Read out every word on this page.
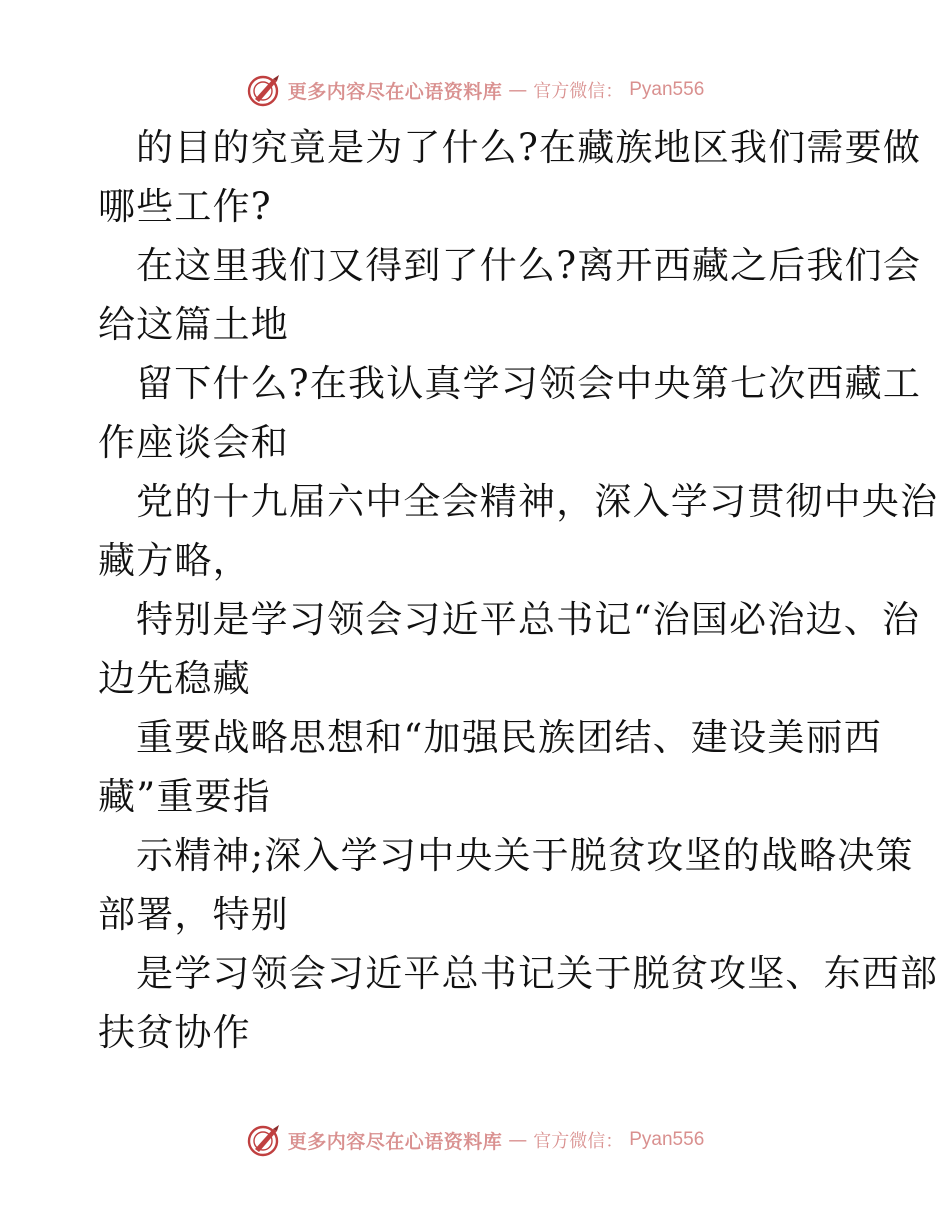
更多内容尽在心语资料库 — 官方微信： Pyan556
的目的究竟是为了什么?在藏族地区我们需要做
哪些工作?
在这里我们又得到了什么?离开西藏之后我们会
给这篇土地
留下什么?在我认真学习领会中央第七次西藏工
作座谈会和
党的十九届六中全会精神，深入学习贯彻中央治
藏方略，
特别是学习领会习近平总书记“治国必治边、治
边先稳藏
重要战略思想和“加强民族团结、建设美丽西
藏”重要指
示精神;深入学习中央关于脱贫攻坚的战略决策
部署，特别
是学习领会习近平总书记关于脱贫攻坚、东西部
扶贫协作
更多内容尽在心语资料库 — 官方微信： Pyan556
